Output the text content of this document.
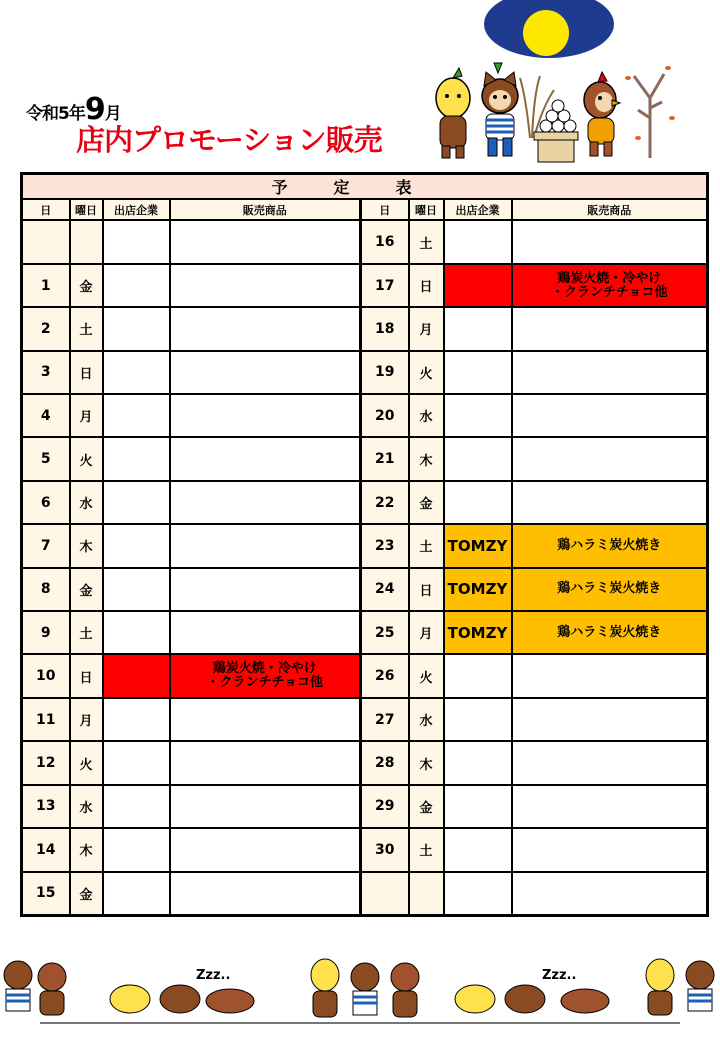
令和5年9月
店内プロモーション販売
予定表							
日	曜日	出店企業	販売商品	日	曜日	出店企業	販売商品
				16	土		
1	金			17	日		鶏炭火焼・冷やけ
・クランチチョコ他
2	土			18	月		
3	日			19	火		
4	月			20	水		
5	火			21	木		
6	水			22	金		
7	木			23	土	TOMZY	鶏ハラミ炭火焼き
8	金			24	日	TOMZY	鶏ハラミ炭火焼き
9	土			25	月	TOMZY	鶏ハラミ炭火焼き
10	日		鶏炭火焼・冷やけ
・クランチチョコ他	26	火		
11	月			27	水		
12	火			28	木		
13	水			29	金		
14	木			30	土		
15	金						
Zzz..	Zzz..
